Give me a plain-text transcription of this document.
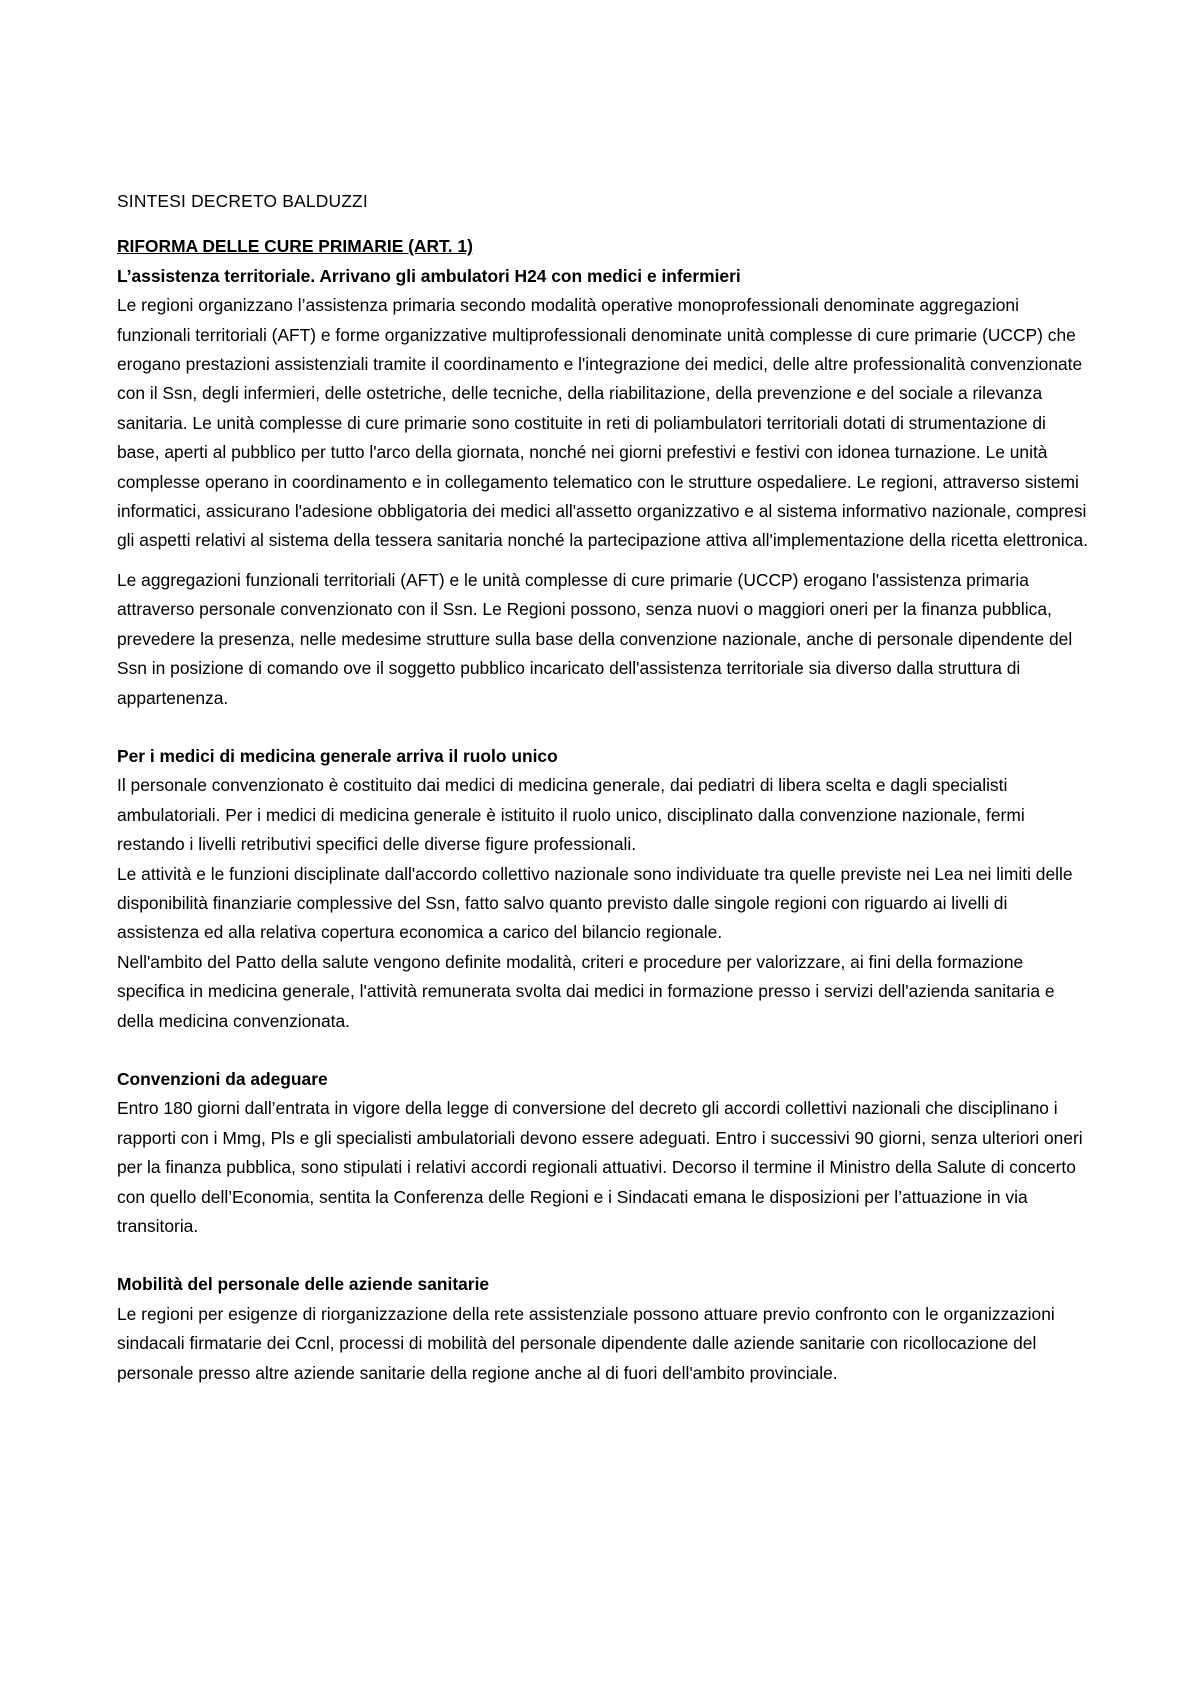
SINTESI DECRETO BALDUZZI

RIFORMA DELLE CURE PRIMARIE (ART. 1)

L’assistenza territoriale. Arrivano gli ambulatori H24 con medici e infermieri

Le regioni organizzano l’assistenza primaria secondo modalità operative monoprofessionali denominate aggregazioni funzionali territoriali (AFT) e forme organizzative multiprofessionali denominate unità complesse di cure primarie (UCCP) che erogano prestazioni assistenziali tramite il coordinamento e l'integrazione dei medici, delle altre professionalità convenzionate con il Ssn, degli infermieri, delle ostetriche, delle tecniche, della riabilitazione, della prevenzione e del sociale a rilevanza sanitaria. Le unità complesse di cure primarie sono costituite in reti di poliambulatori territoriali dotati di strumentazione di base, aperti al pubblico per tutto l'arco della giornata, nonché nei giorni prefestivi e festivi con idonea turnazione. Le unità complesse operano in coordinamento e in collegamento telematico con le strutture ospedaliere. Le regioni, attraverso sistemi informatici, assicurano l'adesione obbligatoria dei medici all'assetto organizzativo e al sistema informativo nazionale, compresi gli aspetti relativi al sistema della tessera sanitaria nonché la partecipazione attiva all'implementazione della ricetta elettronica.

Le aggregazioni funzionali territoriali (AFT) e le unità complesse di cure primarie (UCCP) erogano l'assistenza primaria attraverso personale convenzionato con il Ssn. Le Regioni possono, senza nuovi o maggiori oneri per la finanza pubblica, prevedere la presenza, nelle medesime strutture sulla base della convenzione nazionale, anche di personale dipendente del Ssn in posizione di comando ove il soggetto pubblico incaricato dell'assistenza territoriale sia diverso dalla struttura di appartenenza.

Per i medici di medicina generale arriva il ruolo unico

Il personale convenzionato è costituito dai medici di medicina generale, dai pediatri di libera scelta e dagli specialisti ambulatoriali. Per i medici di medicina generale è istituito il ruolo unico, disciplinato dalla convenzione nazionale, fermi restando i livelli retributivi specifici delle diverse figure professionali.

Le attività e le funzioni disciplinate dall'accordo collettivo nazionale sono individuate tra quelle previste nei Lea nei limiti delle disponibilità finanziarie complessive del Ssn, fatto salvo quanto previsto dalle singole regioni con riguardo ai livelli di assistenza ed alla relativa copertura economica a carico del bilancio regionale.

Nell'ambito del Patto della salute vengono definite modalità, criteri e procedure per valorizzare, ai fini della formazione specifica in medicina generale, l'attività remunerata svolta dai medici in formazione presso i servizi dell'azienda sanitaria e della medicina convenzionata.

Convenzioni da adeguare

Entro 180 giorni dall’entrata in vigore della legge di conversione del decreto gli accordi collettivi nazionali che disciplinano i rapporti con i Mmg, Pls e gli specialisti ambulatoriali devono essere adeguati. Entro i successivi 90 giorni, senza ulteriori oneri per la finanza pubblica, sono stipulati i relativi accordi regionali attuativi. Decorso il termine il Ministro della Salute di concerto con quello dell’Economia, sentita la Conferenza delle Regioni e i Sindacati emana le disposizioni per l’attuazione in via transitoria.

Mobilità del personale delle aziende sanitarie

Le regioni per esigenze di riorganizzazione della rete assistenziale possono attuare previo confronto con le organizzazioni sindacali firmatarie dei Ccnl, processi di mobilità del personale dipendente dalle aziende sanitarie con ricollocazione del personale presso altre aziende sanitarie della regione anche al di fuori dell'ambito provinciale.
